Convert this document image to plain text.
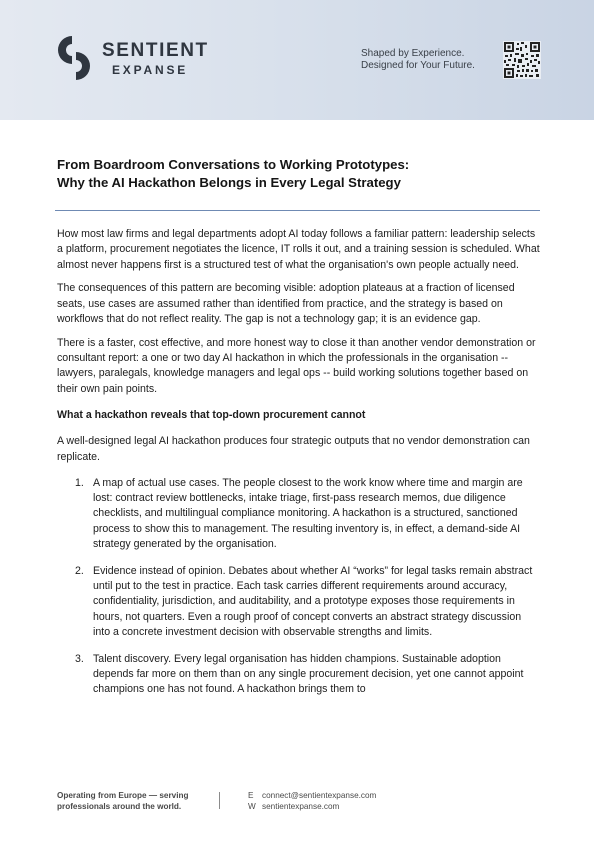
SENTIENT
EXPANSE
Shaped by Experience.
Designed for Your Future.
From Boardroom Conversations to Working Prototypes:
Why the AI Hackathon Belongs in Every Legal Strategy

How most law firms and legal departments adopt AI today follows a familiar pattern: leadership selects a platform, procurement negotiates the licence, IT rolls it out, and a training session is scheduled. What almost never happens first is a structured test of what the organisation's own people actually need.

The consequences of this pattern are becoming visible: adoption plateaus at a fraction of licensed seats, use cases are assumed rather than identified from practice, and the strategy is based on workflows that do not reflect reality. The gap is not a technology gap; it is an evidence gap.

There is a faster, cost effective, and more honest way to close it than another vendor demonstration or consultant report: a one or two day AI hackathon in which the professionals in the organisation -- lawyers, paralegals, knowledge managers and legal ops -- build working solutions together based on their own pain points.

What a hackathon reveals that top-down procurement cannot

A well-designed legal AI hackathon produces four strategic outputs that no vendor demonstration can replicate.

1. A map of actual use cases. The people closest to the work know where time and margin are lost: contract review bottlenecks, intake triage, first-pass research memos, due diligence checklists, and multilingual compliance monitoring. A hackathon is a structured, sanctioned process to show this to management. The resulting inventory is, in effect, a demand-side AI strategy generated by the organisation.
2. Evidence instead of opinion. Debates about whether AI “works” for legal tasks remain abstract until put to the test in practice. Each task carries different requirements around accuracy, confidentiality, jurisdiction, and auditability, and a prototype exposes those requirements in hours, not quarters. Even a rough proof of concept converts an abstract strategy discussion into a concrete investment decision with observable strengths and limits.
3. Talent discovery. Every legal organisation has hidden champions. Sustainable adoption depends far more on them than on any single procurement decision, yet one cannot appoint champions one has not found. A hackathon brings them to
Operating from Europe — serving
professionals around the world.
E connect@sentientexpanse.com
W sentientexpanse.com
